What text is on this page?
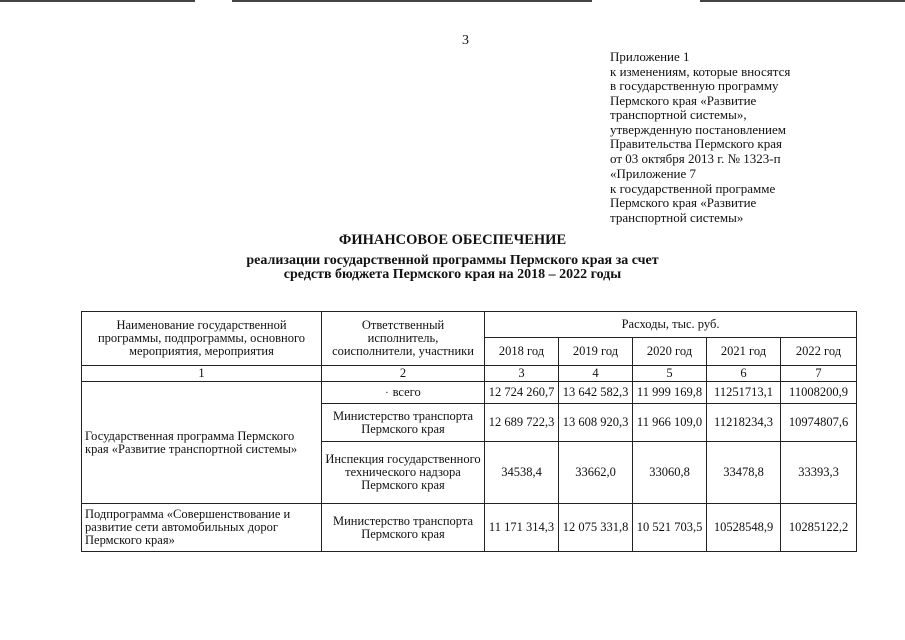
3
Приложение 1
к изменениям, которые вносятся
в государственную программу
Пермского края «Развитие
транспортной системы»,
утвержденную постановлением
Правительства Пермского края
от 03 октября 2013 г. № 1323-п
«Приложение 7
к государственной программе
Пермского края «Развитие
транспортной системы»
ФИНАНСОВОЕ ОБЕСПЕЧЕНИЕ
реализации государственной программы Пермского края за счет
средств бюджета Пермского края на 2018 – 2022 годы
Наименование государственной программы, подпрограммы, основного мероприятия, мероприятия	Ответственный исполнитель, соисполнители, участники	Расходы, тыс. руб.				
		2018 год	2019 год	2020 год	2021 год	2022 год
1	2	3	4	5	6	7
Государственная программа Пермского края «Развитие транспортной системы»	· всего	12 724 260,7	13 642 582,3	11 999 169,8	11251713,1	11008200,9
	Министерство транспорта Пермского края	12 689 722,3	13 608 920,3	11 966 109,0	11218234,3	10974807,6
	Инспекция государственного технического надзора Пермского края	34538,4	33662,0	33060,8	33478,8	33393,3
Подпрограмма «Совершенствование и развитие сети автомобильных дорог Пермского края»	Министерство транспорта Пермского края	11 171 314,3	12 075 331,8	10 521 703,5	10528548,9	10285122,2
